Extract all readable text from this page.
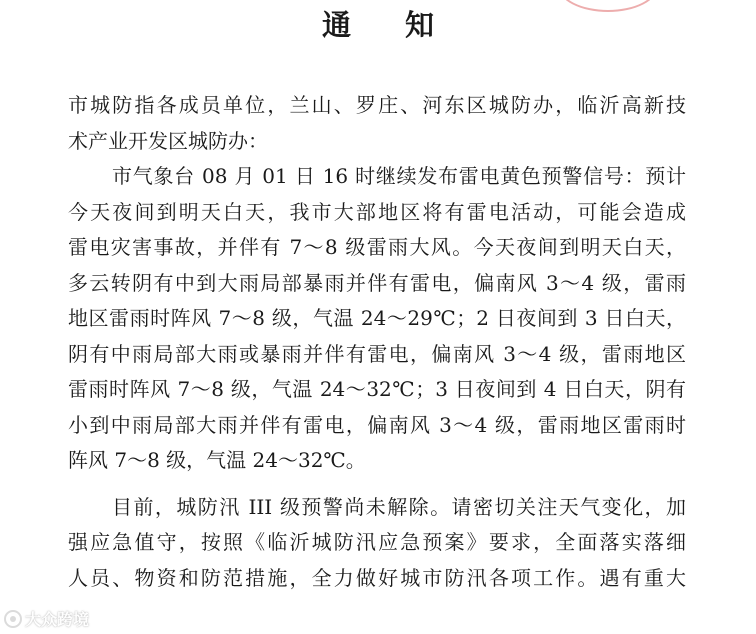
通 知
市城防指各成员单位，兰山、罗庄、河东区城防办，临沂高新技
术产业开发区城防办：
市气象台 08 月 01 日 16 时继续发布雷电黄色预警信号：预计
今天夜间到明天白天，我市大部地区将有雷电活动，可能会造成
雷电灾害事故，并伴有 7～8 级雷雨大风。今天夜间到明天白天，
多云转阴有中到大雨局部暴雨并伴有雷电，偏南风 3～4 级，雷雨
地区雷雨时阵风 7～8 级，气温 24～29℃；2 日夜间到 3 日白天，
阴有中雨局部大雨或暴雨并伴有雷电，偏南风 3～4 级，雷雨地区
雷雨时阵风 7～8 级，气温 24～32℃；3 日夜间到 4 日白天，阴有
小到中雨局部大雨并伴有雷电，偏南风 3～4 级，雷雨地区雷雨时
阵风 7～8 级，气温 24～32℃。
目前，城防汛 III 级预警尚未解除。请密切关注天气变化，加
强应急值守，按照《临沂城防汛应急预案》要求，全面落实落细
人员、物资和防范措施，全力做好城市防汛各项工作。遇有重大
大众跨境
